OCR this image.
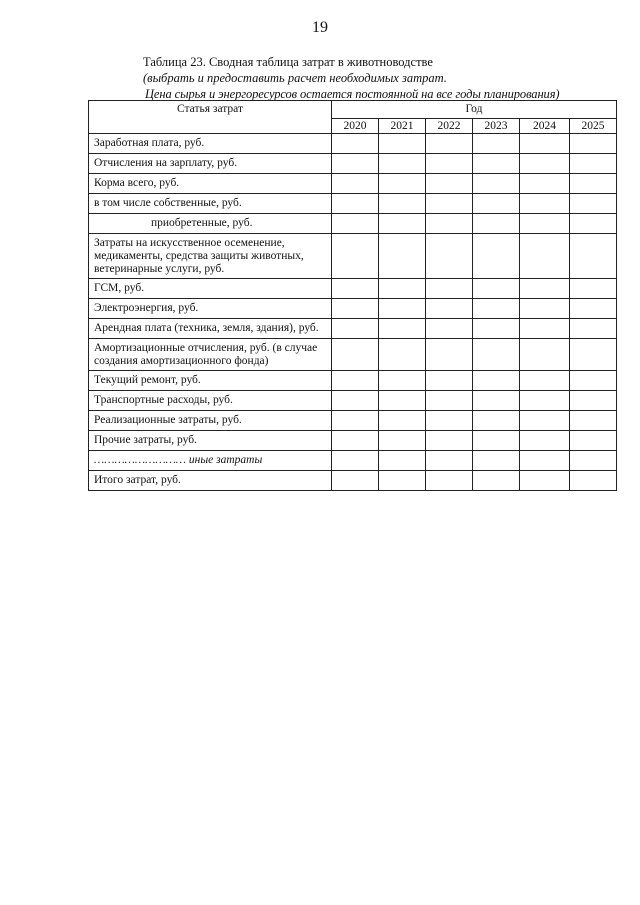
19
Таблица 23. Сводная таблица затрат в животноводстве
(выбрать и предоставить расчет необходимых затрат.
Цена сырья и энергоресурсов остается постоянной на все годы планирования)
Статья затрат	Год					
	2020	2021	2022	2023	2024	2025
Заработная плата, руб.						
Отчисления на зарплату, руб.						
Корма всего, руб.						
в том числе собственные, руб.						
приобретенные, руб.						
Затраты на искусственное осеменение, медикаменты, средства защиты животных, ветеринарные услуги, руб.						
ГСМ, руб.						
Электроэнергия, руб.						
Арендная плата (техника, земля, здания), руб.						
Амортизационные отчисления, руб. (в случае создания амортизационного фонда)						
Текущий ремонт, руб.						
Транспортные расходы, руб.						
Реализационные затраты, руб.						
Прочие затраты, руб.						
……………………… иные затраты						
Итого затрат, руб.						
